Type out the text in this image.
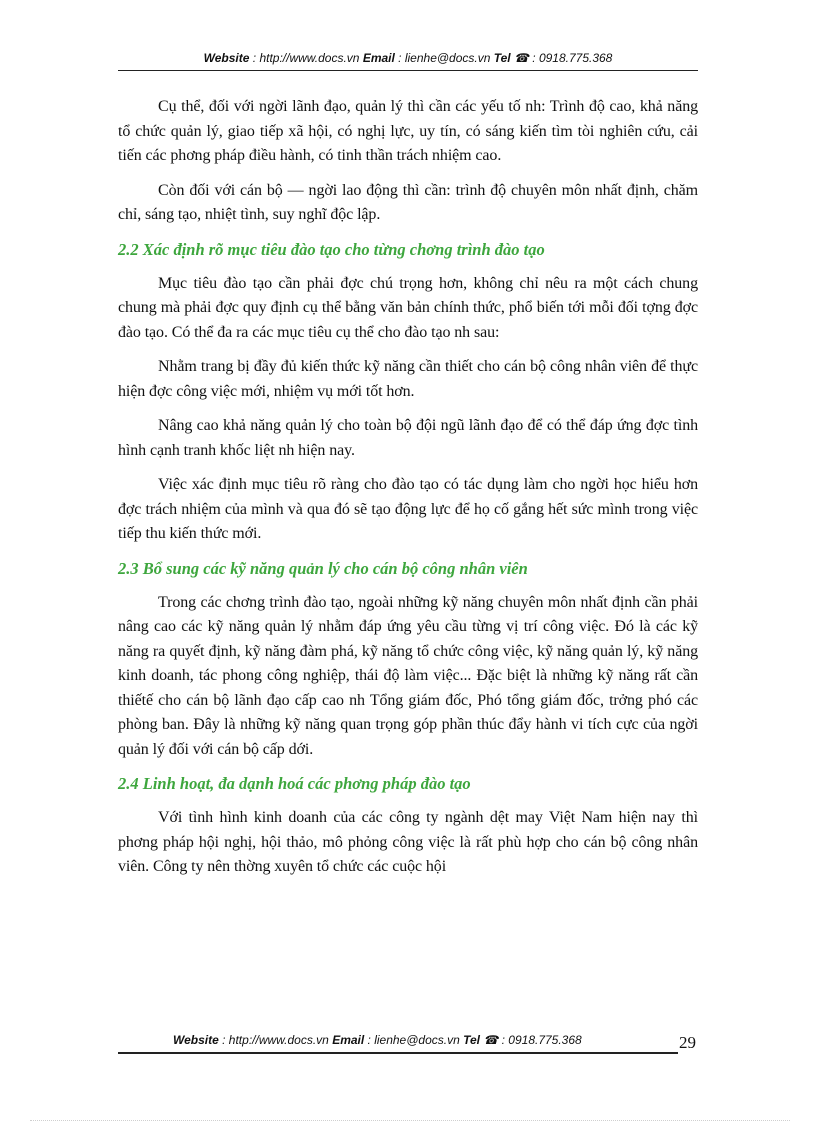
Website : http://www.docs.vn Email : lienhe@docs.vn Tel ☎ : 0918.775.368

Cụ thể, đối với ngời lãnh đạo, quản lý thì cần các yếu tố nh: Trình độ cao, khả năng tổ chức quản lý, giao tiếp xã hội, có nghị lực, uy tín, có sáng kiến tìm tòi nghiên cứu, cải tiến các phơng pháp điều hành, có tinh thần trách nhiệm cao.

Còn đối với cán bộ — ngời lao động thì cần: trình độ chuyên môn nhất định, chăm chỉ, sáng tạo, nhiệt tình, suy nghĩ độc lập.

2.2 Xác định rõ mục tiêu đào tạo cho từng chơng trình đào tạo

Mục tiêu đào tạo cần phải đợc chú trọng hơn, không chỉ nêu ra một cách chung chung mà phải đợc quy định cụ thể bằng văn bản chính thức, phổ biến tới mỗi đối tợng đợc đào tạo. Có thể đa ra các mục tiêu cụ thể cho đào tạo nh sau:

Nhằm trang bị đầy đủ kiến thức kỹ năng cần thiết cho cán bộ công nhân viên để thực hiện đợc công việc mới, nhiệm vụ mới tốt hơn.

Nâng cao khả năng quản lý cho toàn bộ đội ngũ lãnh đạo để có thể đáp ứng đợc tình hình cạnh tranh khốc liệt nh hiện nay.

Việc xác định mục tiêu rõ ràng cho đào tạo có tác dụng làm cho ngời học hiểu hơn đợc trách nhiệm của mình và qua đó sẽ tạo động lực để họ cố gắng hết sức mình trong việc tiếp thu kiến thức mới.

2.3 Bổ sung các kỹ năng quản lý cho cán bộ công nhân viên

Trong các chơng trình đào tạo, ngoài những kỹ năng chuyên môn nhất định cần phải nâng cao các kỹ năng quản lý nhằm đáp ứng yêu cầu từng vị trí công việc. Đó là các kỹ năng ra quyết định, kỹ năng đàm phá, kỹ năng tổ chức công việc, kỹ năng quản lý, kỹ năng kinh doanh, tác phong công nghiệp, thái độ làm việc... Đặc biệt là những kỹ năng rất cần thiếtế cho cán bộ lãnh đạo cấp cao nh Tổng giám đốc, Phó tổng giám đốc, trởng phó các phòng ban. Đây là những kỹ năng quan trọng góp phần thúc đẩy hành vi tích cực của ngời quản lý đối với cán bộ cấp dới.

2.4 Linh hoạt, đa dạnh hoá các phơng pháp đào tạo

Với tình hình kinh doanh của các công ty ngành dệt may Việt Nam hiện nay thì phơng pháp hội nghị, hội thảo, mô phỏng công việc là rất phù hợp cho cán bộ công nhân viên. Công ty nên thờng xuyên tổ chức các cuộc hội

Website : http://www.docs.vn Email : lienhe@docs.vn Tel ☎ : 0918.775.368	29
